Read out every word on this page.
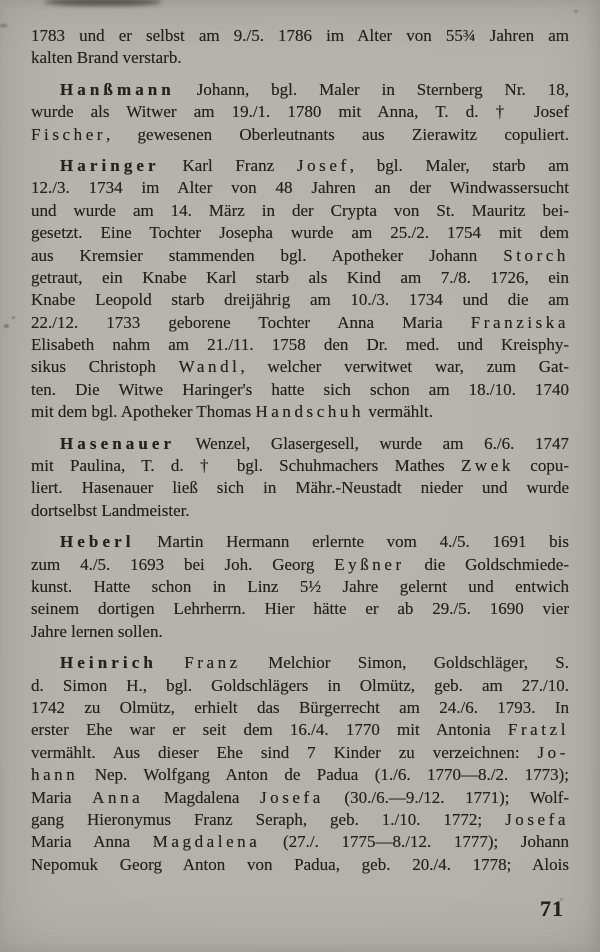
1783 und er selbst am 9./5. 1786 im Alter von 55¾ Jahren am
kalten Brand verstarb.
Hanßmann Johann, bgl. Maler in Sternberg Nr. 18,
wurde als Witwer am 19./1. 1780 mit Anna, T. d. † Josef
Fischer, gewesenen Oberleutnants aus Zierawitz copuliert.
Haringer Karl Franz Josef, bgl. Maler, starb am
12./3. 1734 im Alter von 48 Jahren an der Windwassersucht
und wurde am 14. März in der Crypta von St. Mauritz bei-
gesetzt. Eine Tochter Josepha wurde am 25./2. 1754 mit dem
aus Kremsier stammenden bgl. Apotheker Johann Storch
getraut, ein Knabe Karl starb als Kind am 7./8. 1726, ein
Knabe Leopold starb dreijährig am 10./3. 1734 und die am
22./12. 1733 geborene Tochter Anna Maria Franziska
Elisabeth nahm am 21./11. 1758 den Dr. med. und Kreisphy-
sikus Christoph Wandl, welcher verwitwet war, zum Gat-
ten. Die Witwe Haringer's hatte sich schon am 18./10. 1740
mit dem bgl. Apotheker Thomas Handschuh vermählt.
Hasenauer Wenzel, Glasergesell, wurde am 6./6. 1747
mit Paulina, T. d. † bgl. Schuhmachers Mathes Zwek copu-
liert. Hasenauer ließ sich in Mähr.-Neustadt nieder und wurde
dortselbst Landmeister.
Heberl Martin Hermann erlernte vom 4./5. 1691 bis
zum 4./5. 1693 bei Joh. Georg Eyßner die Goldschmiede-
kunst. Hatte schon in Linz 5½ Jahre gelernt und entwich
seinem dortigen Lehrherrn. Hier hätte er ab 29./5. 1690 vier
Jahre lernen sollen.
Heinrich Franz Melchior Simon, Goldschläger, S.
d. Simon H., bgl. Goldschlägers in Olmütz, geb. am 27./10.
1742 zu Olmütz, erhielt das Bürgerrecht am 24./6. 1793. In
erster Ehe war er seit dem 16./4. 1770 mit Antonia Fratzl
vermählt. Aus dieser Ehe sind 7 Kinder zu verzeichnen: Jo-
hann Nep. Wolfgang Anton de Padua (1./6. 1770—8./2. 1773);
Maria Anna Magdalena Josefa (30./6.—9./12. 1771); Wolf-
gang Hieronymus Franz Seraph, geb. 1./10. 1772; Josefa
Maria Anna Magdalena (27./. 1775—8./12. 1777); Johann
Nepomuk Georg Anton von Padua, geb. 20./4. 1778; Alois
71
